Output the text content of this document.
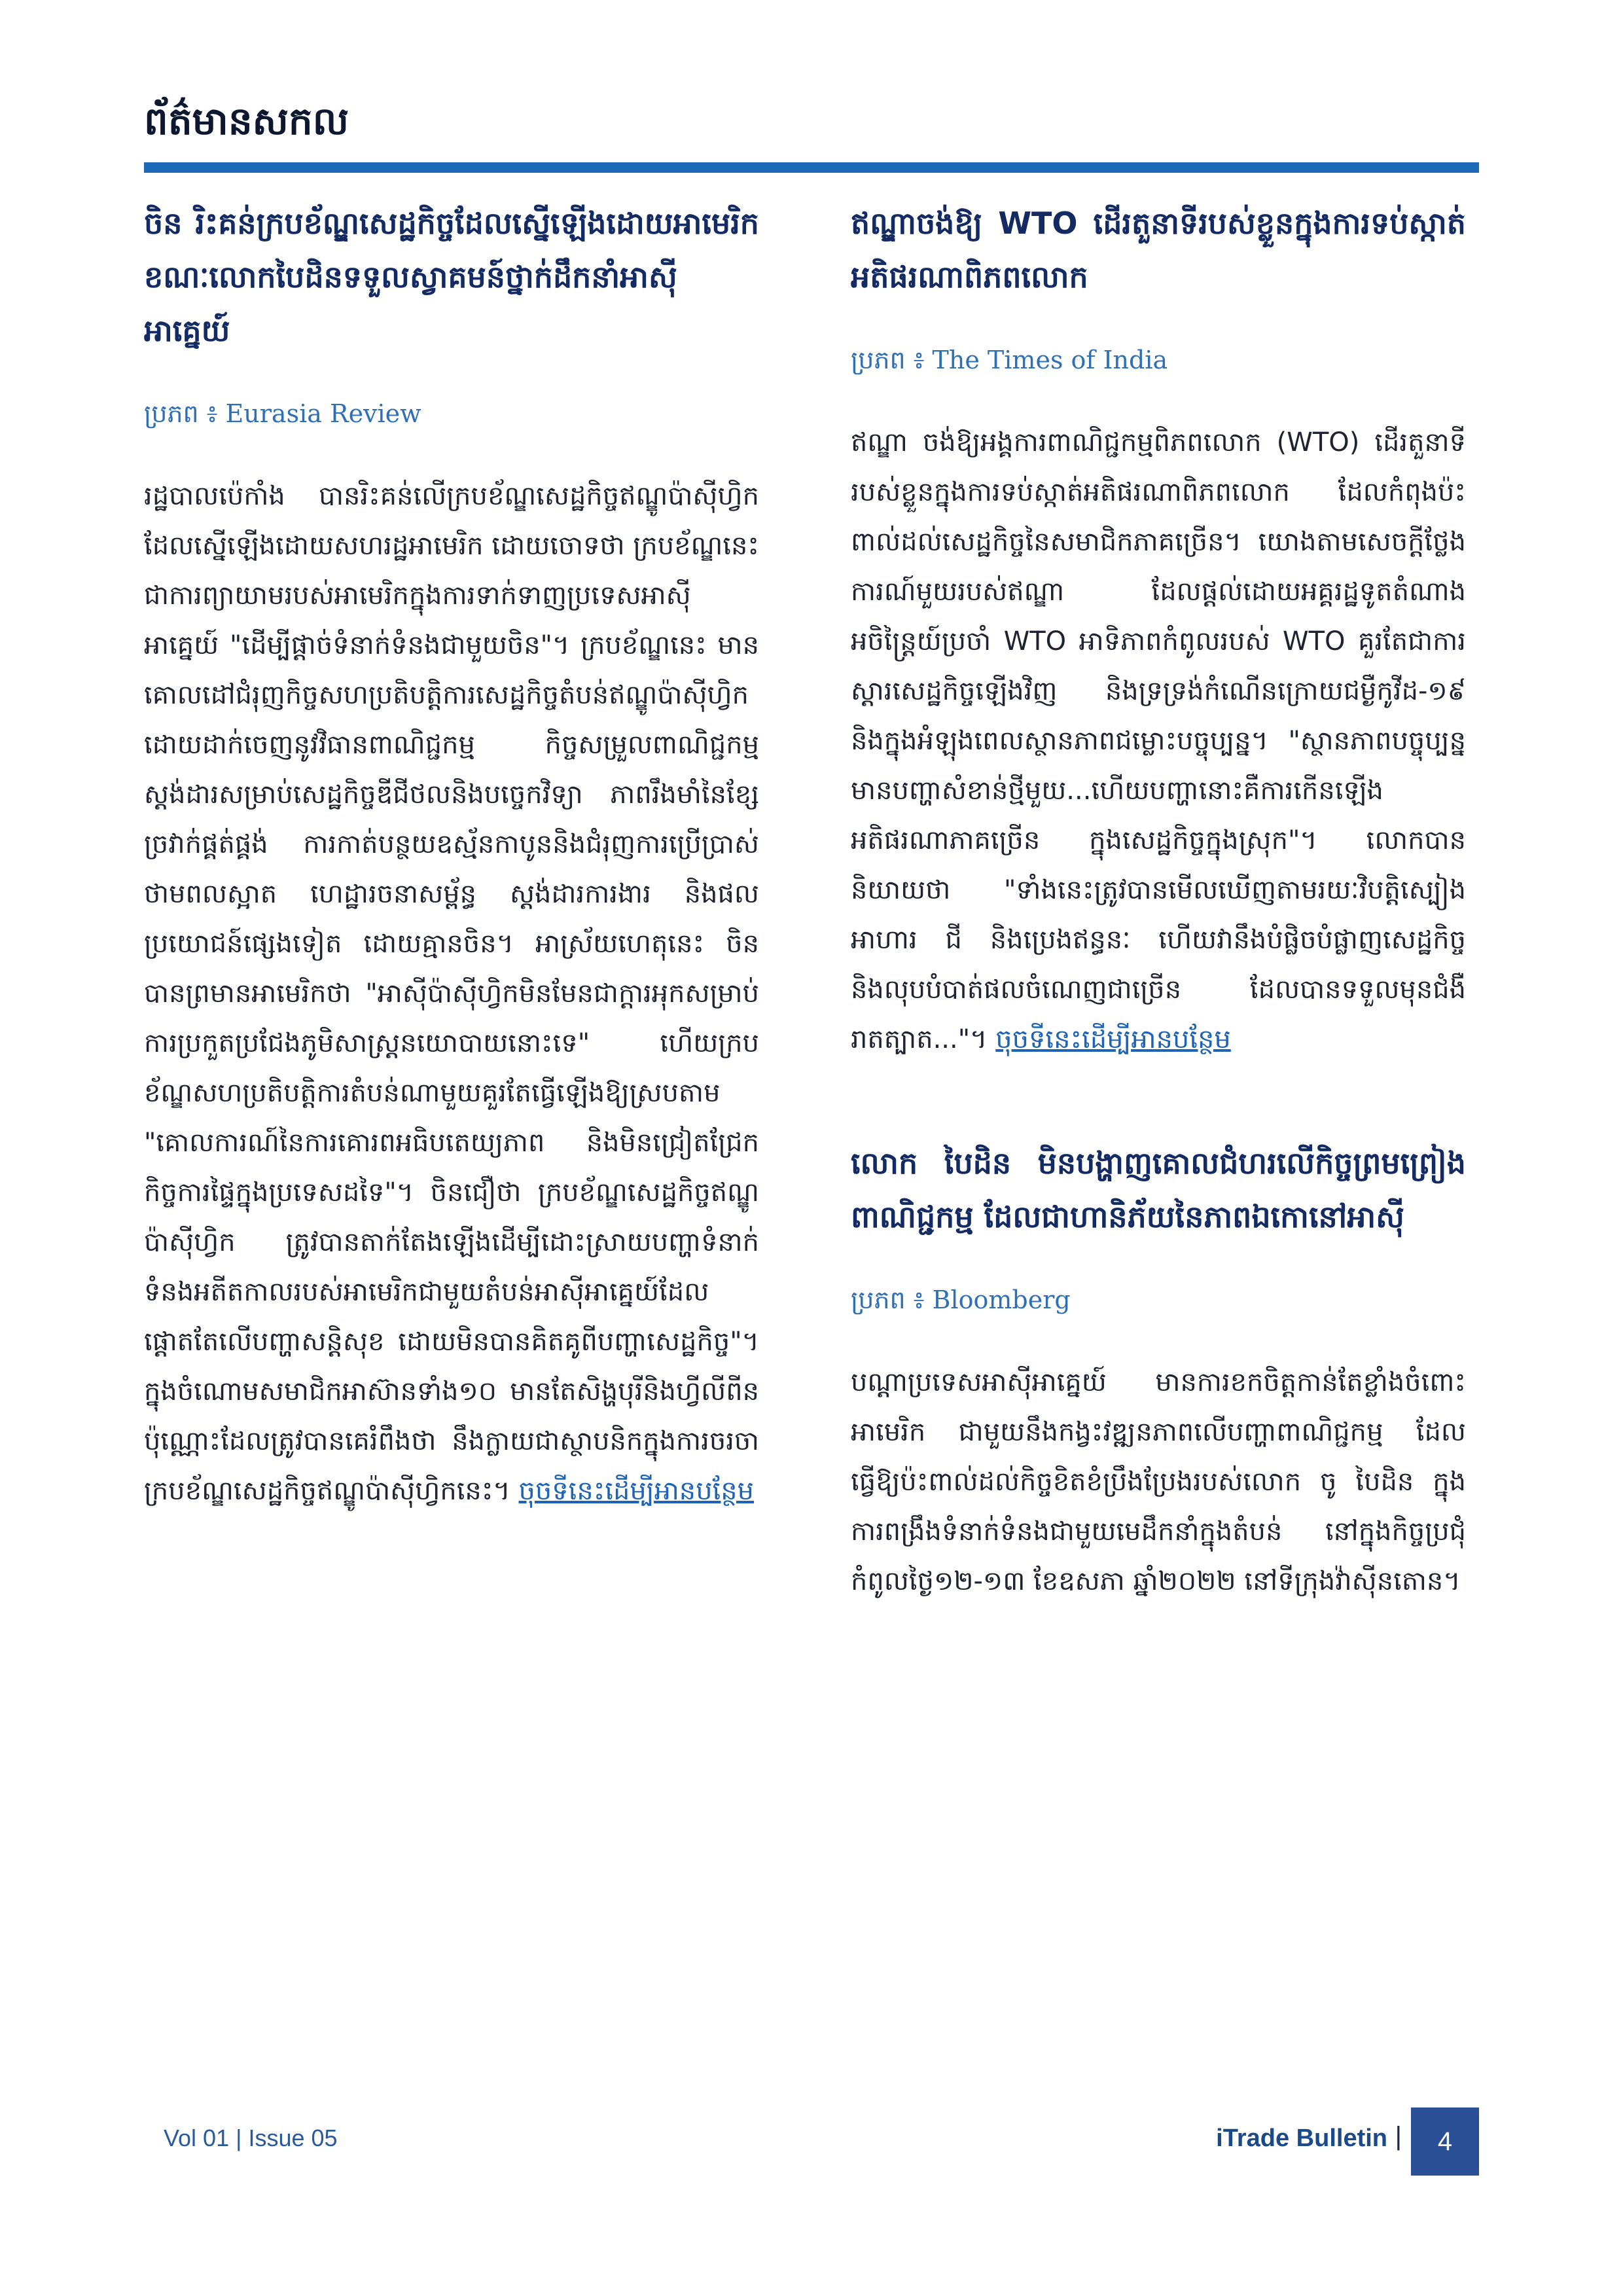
ព័ត៌មានសកល
ចិន រិះគន់ក្របខ័ណ្ឌសេដ្ឋកិច្ចដែលស្នើឡើងដោយអាមេរិក ខណៈលោកបៃដិនទទួលស្វាគមន៍ថ្នាក់ដឹកនាំអាស៊ីអាគ្នេយ៍
ប្រភព ៖ Eurasia Review
រដ្ឋបាលប៉េកាំង បានរិះគន់លើក្របខ័ណ្ឌសេដ្ឋកិច្ចឥណ្ឌូប៉ាស៊ីហ្វិកដែលស្នើឡើងដោយសហរដ្ឋអាមេរិក ដោយចោទថា ក្របខ័ណ្ឌនេះ ជាការព្យាយាមរបស់អាមេរិកក្នុងការទាក់ទាញប្រទេសអាស៊ីអាគ្នេយ៍ "ដើម្បីផ្ដាច់ទំនាក់ទំនងជាមួយចិន"។ ក្របខ័ណ្ឌនេះ មានគោលដៅជំរុញកិច្ចសហប្រតិបត្តិការសេដ្ឋកិច្ចតំបន់ឥណ្ឌូប៉ាស៊ីហ្វិក ដោយដាក់ចេញនូវវិធានពាណិជ្ជកម្ម កិច្ចសម្រួលពាណិជ្ជកម្ម ស្តង់ដារសម្រាប់សេដ្ឋកិច្ចឌីជីថលនិងបច្ចេកវិទ្យា ភាពរឹងមាំនៃខ្សែច្រវាក់ផ្គត់ផ្គង់ ការកាត់បន្ថយឧស្ម័នកាបូននិងជំរុញការប្រើប្រាស់ថាមពលស្អាត ហេដ្ឋារចនាសម្ព័ន្ធ ស្តង់ដារការងារ និងផលប្រយោជន៍ផ្សេងទៀត ដោយគ្មានចិន។ អាស្រ័យហេតុនេះ ចិនបានព្រមានអាមេរិកថា "អាស៊ីប៉ាស៊ីហ្វិកមិនមែនជាក្តារអុកសម្រាប់ការប្រកួតប្រជែងភូមិសាស្ត្រនយោបាយនោះទេ" ហើយក្របខ័ណ្ឌសហប្រតិបត្តិការតំបន់ណាមួយគួរតែធ្វើឡើងឱ្យស្របតាម "គោលការណ៍នៃការគោរពអធិបតេយ្យភាព និងមិនជ្រៀតជ្រែកកិច្ចការផ្ទៃក្នុងប្រទេសដទៃ"។ ចិនជឿថា ក្របខ័ណ្ឌសេដ្ឋកិច្ចឥណ្ឌូប៉ាស៊ីហ្វិក ត្រូវបានតាក់តែងឡើងដើម្បីដោះស្រាយបញ្ហាទំនាក់ទំនងអតីតកាលរបស់អាមេរិកជាមួយតំបន់អាស៊ីអាគ្នេយ៍ដែលផ្ដោតតែលើបញ្ហាសន្តិសុខ ដោយមិនបានគិតគូពីបញ្ហាសេដ្ឋកិច្ច"។ ក្នុងចំណោមសមាជិកអាស៊ានទាំង១០ មានតែសិង្ហបុរីនិងហ្វីលីពីនប៉ុណ្ណោះដែលត្រូវបានគេរំពឹងថា នឹងក្លាយជាស្ថាបនិកក្នុងការចរចាក្របខ័ណ្ឌសេដ្ឋកិច្ចឥណ្ឌូប៉ាស៊ីហ្វិកនេះ។ ចុចទីនេះដើម្បីអានបន្ថែម
ឥណ្ឌាចង់ឱ្យ WTO ដើរតួនាទីរបស់ខ្លួនក្នុងការទប់ស្កាត់អតិផរណាពិភពលោក
ប្រភព ៖ The Times of India
ឥណ្ឌា ចង់ឱ្យអង្គការពាណិជ្ជកម្មពិភពលោក (WTO) ដើរតួនាទីរបស់ខ្លួនក្នុងការទប់ស្កាត់អតិផរណាពិភពលោក ដែលកំពុងប៉ះពាល់ដល់សេដ្ឋកិច្ចនៃសមាជិកភាគច្រើន។ យោងតាមសេចក្តីថ្លែងការណ៍មួយរបស់ឥណ្ឌា ដែលផ្តល់ដោយអគ្គរដ្ឋទូតតំណាងអចិន្ត្រៃយ៍ប្រចាំ WTO អាទិភាពកំពូលរបស់ WTO គួរតែជាការស្តារសេដ្ឋកិច្ចឡើងវិញ និងទ្រទ្រង់កំណើនក្រោយជម្ងឺកូវីដ-១៩ និងក្នុងអំឡុងពេលស្ថានភាពជម្លោះបច្ចុប្បន្ន។ "ស្ថានភាពបច្ចុប្បន្នមានបញ្ហាសំខាន់ថ្មីមួយ...ហើយបញ្ហានោះគឺការកើនឡើងអតិផរណាភាគច្រើន ក្នុងសេដ្ឋកិច្ចក្នុងស្រុក"។ លោកបាននិយាយថា "ទាំងនេះត្រូវបានមើលឃើញតាមរយៈវិបត្តិស្បៀងអាហារ ជី និងប្រេងឥន្ធនៈ ហើយវានឹងបំផ្លិចបំផ្លាញសេដ្ឋកិច្ច និងលុបបំបាត់ផលចំណេញជាច្រើន ដែលបានទទួលមុនជំងឺរាតត្បាត..."។ ចុចទីនេះដើម្បីអានបន្ថែម
លោក បៃដិន មិនបង្ហាញគោលជំហរលើកិច្ចព្រមព្រៀងពាណិជ្ជកម្ម ដែលជាហានិភ័យនៃភាពឯកោនៅអាស៊ី
ប្រភព ៖ Bloomberg
បណ្តាប្រទេសអាស៊ីអាគ្នេយ៍ មានការខកចិត្តកាន់តែខ្លាំងចំពោះអាមេរិក ជាមួយនឹងកង្វះវឌ្ឍនភាពលើបញ្ហាពាណិជ្ជកម្ម ដែលធ្វើឱ្យប៉ះពាល់ដល់កិច្ចខិតខំប្រឹងប្រែងរបស់លោក ចូ បៃដិន ក្នុងការពង្រឹងទំនាក់ទំនងជាមួយមេដឹកនាំក្នុងតំបន់ នៅក្នុងកិច្ចប្រជុំកំពូលថ្ងៃ១២-១៣ ខែឧសភា ឆ្នាំ២០២២ នៅទីក្រុងវ៉ាស៊ីនតោន។
Vol 01 | Issue 05	iTrade Bulletin |	4
